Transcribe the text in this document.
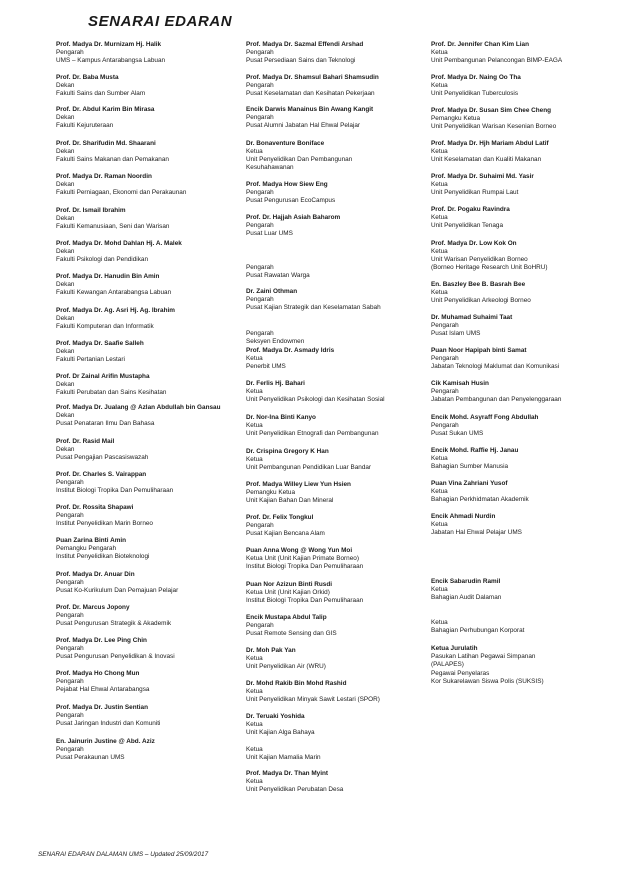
SENARAI EDARAN
Prof. Madya Dr. Murnizam Hj. Halik
Pengarah
UMS – Kampus Antarabangsa Labuan
Prof. Dr. Baba Musta
Dekan
Fakulti Sains dan Sumber Alam
Prof. Dr. Abdul Karim Bin Mirasa
Dekan
Fakulti Kejuruteraan
Prof. Dr. Sharifudin Md. Shaarani
Dekan
Fakulti Sains Makanan dan Pemakanan
Prof. Madya Dr. Raman Noordin
Dekan
Fakulti Perniagaan, Ekonomi dan Perakaunan
Prof. Dr. Ismail Ibrahim
Dekan
Fakulti Kemanusiaan, Seni dan Warisan
Prof. Madya Dr. Mohd Dahlan Hj. A. Malek
Dekan
Fakulti Psikologi dan Pendidikan
Prof. Madya Dr. Hanudin Bin Amin
Dekan
Fakulti Kewangan Antarabangsa Labuan
Prof. Madya Dr. Ag. Asri Hj. Ag. Ibrahim
Dekan
Fakulti Komputeran dan Informatik
Prof. Madya Dr. Saafie Salleh
Dekan
Fakulti Pertanian Lestari
Prof. Dr Zainal Arifin Mustapha
Dekan
Fakulti Perubatan dan Sains Kesihatan
Prof. Madya Dr. Jualang @ Azlan Abdullah bin Gansau
Dekan
Pusat Penataran Ilmu Dan Bahasa
Prof. Dr. Rasid Mail
Dekan
Pusat Pengajian Pascasiswazah
Prof. Dr. Charles S. Vairappan
Pengarah
Institut Biologi Tropika Dan Pemuliharaan
Prof. Dr. Rossita Shapawi
Pengarah
Institut Penyelidikan Marin Borneo
Puan Zarina Binti Amin
Pemangku Pengarah
Institut Penyelidikan Bioteknologi
Prof. Madya Dr. Anuar Din
Pengarah
Pusat Ko-Kurikulum Dan Pemajuan Pelajar
Prof. Dr. Marcus Jopony
Pengarah
Pusat Pengurusan Strategik & Akademik
Prof. Madya Dr. Lee Ping Chin
Pengarah
Pusat Pengurusan Penyelidikan & Inovasi
Prof. Madya Ho Chong Mun
Pengarah
Pejabat Hal Ehwal Antarabangsa
Prof. Madya Dr. Justin Sentian
Pengarah
Pusat Jaringan Industri dan Komuniti
En. Jainurin Justine @ Abd. Aziz
Pengarah
Pusat Perakaunan UMS
Prof. Madya Dr. Sazmal Effendi Arshad
Pengarah
Pusat Persediaan Sains dan Teknologi
Prof. Madya Dr. Shamsul Bahari Shamsudin
Pengarah
Pusat Keselamatan dan Kesihatan Pekerjaan
Encik Darwis Manainus Bin Awang Kangit
Pengarah
Pusat Alumni Jabatan Hal Ehwal Pelajar
Dr. Bonaventure Boniface
Ketua
Unit Penyelidikan Dan Pembangunan
Kesuhahawanan
Prof. Madya How Siew Eng
Pengarah
Pusat Pengurusan EcoCampus
Prof. Dr. Hajjah Asiah Baharom
Pengarah
Pusat Luar UMS

Pengarah
Pusat Rawatan Warga
Dr. Zaini Othman
Pengarah
Pusat Kajian Strategik dan Keselamatan Sabah

Pengarah
Seksyen Endowmen
Prof. Madya Dr. Asmady Idris
Ketua
Penerbit UMS
Dr. Ferlis Hj. Bahari
Ketua
Unit Penyelidikan Psikologi dan Kesihatan Sosial
Dr. Nor-Ina Binti Kanyo
Ketua
Unit Penyelidikan Etnografi dan Pembangunan
Dr. Crispina Gregory K Han
Ketua
Unit Pembangunan Pendidikan Luar Bandar
Prof. Madya Willey Liew Yun Hsien
Pemangku Ketua
Unit Kajian Bahan Dan Mineral
Prof. Dr. Felix Tongkul
Pengarah
Pusat Kajian Bencana Alam
Puan Anna Wong @ Wong Yun Moi
Ketua Unit (Unit Kajian Primate Borneo)
Institut Biologi Tropika Dan Pemuliharaan
Puan Nor Azizun Binti Rusdi
Ketua Unit (Unit Kajian Orkid)
Institut Biologi Tropika Dan Pemuliharaan
Encik Mustapa Abdul Talip
Pengarah
Pusat Remote Sensing dan GIS
Dr. Moh Pak Yan
Ketua
Unit Penyelidikan Air (WRU)
Dr. Mohd Rakib Bin Mohd Rashid
Ketua
Unit Penyelidikan Minyak Sawit Lestari (SPOR)
Dr. Teruaki Yoshida
Ketua
Unit Kajian Alga Bahaya
Ketua
Unit Kajian Mamalia Marin
Prof. Madya Dr. Than Myint
Ketua
Unit Penyelidikan Perubatan Desa
Prof. Dr. Jennifer Chan Kim Lian
Ketua
Unit Pembangunan Pelancongan BIMP-EAGA
Prof. Madya Dr. Naing Oo Tha
Ketua
Unit Penyelidikan Tuberculosis
Prof. Madya Dr. Susan Sim Chee Cheng
Pemangku Ketua
Unit Penyelidikan Warisan Kesenian Borneo
Prof. Madya Dr. Hjh Mariam Abdul Latif
Ketua
Unit Keselamatan dan Kualiti Makanan
Prof. Madya Dr. Suhaimi Md. Yasir
Ketua
Unit Penyelidikan Rumpai Laut
Prof. Dr. Pogaku Ravindra
Ketua
Unit Penyelidikan Tenaga
Prof. Madya Dr. Low Kok On
Ketua
Unit Warisan Penyelidikan Borneo
(Borneo Heritage Research Unit BoHRU)
En. Baszley Bee B. Basrah Bee
Ketua
Unit Penyelidikan Arkeologi Borneo
Dr. Muhamad Suhaimi Taat
Pengarah
Pusat Islam UMS
Puan Noor Hapipah binti Samat
Pengarah
Jabatan Teknologi Maklumat dan Komunikasi
Cik Kamisah Husin
Pengarah
Jabatan Pembangunan dan Penyelenggaraan
Encik Mohd. Asyraff Fong Abdullah
Pengarah
Pusat Sukan UMS
Encik Mohd. Raffie Hj. Janau
Ketua
Bahagian Sumber Manusia
Puan Vina Zahriani Yusof
Ketua
Bahagian Perkhidmatan Akademik
Encik Ahmadi Nurdin
Ketua
Jabatan Hal Ehwal Pelajar UMS
Encik Sabarudin Ramil
Ketua
Bahagian Audit Dalaman
Ketua
Bahagian Perhubungan Korporat
Ketua Jurulatih
Pasukan Latihan Pegawai Simpanan
(PALAPES)
Pegawai Penyelaras
Kor Sukarelawan Siswa Polis (SUKSIS)
SENARAI EDARAN DALAMAN UMS – Updated 25/09/2017
